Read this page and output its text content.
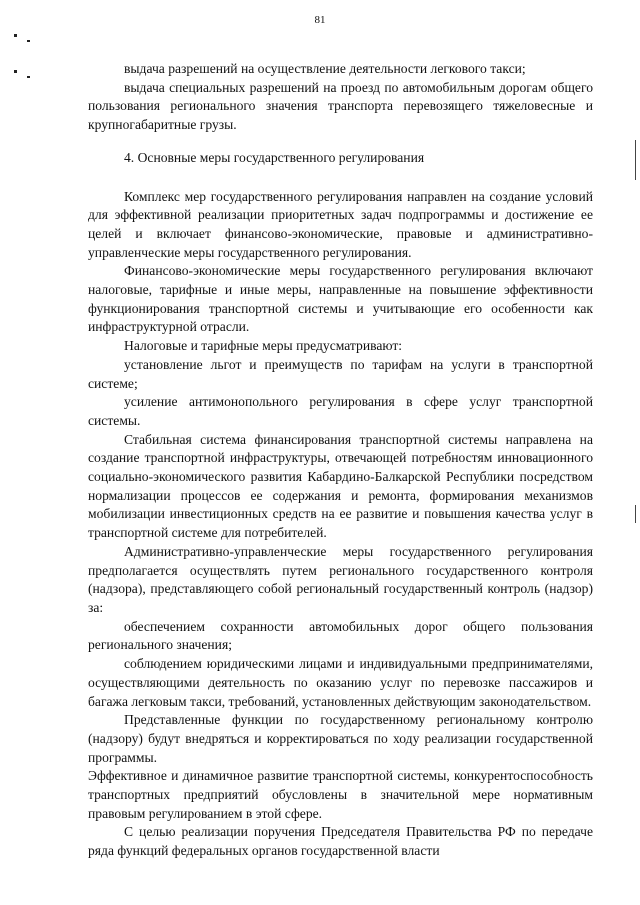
81

выдача разрешений на осуществление деятельности легкового такси;

выдача специальных разрешений на проезд по автомобильным дорогам общего пользования регионального значения транспорта перевозящего тяжеловесные и крупногабаритные грузы.

4. Основные меры государственного регулирования

Комплекс мер государственного регулирования направлен на создание условий для эффективной реализации приоритетных задач подпрограммы и достижение ее целей и включает финансово-экономические, правовые и административно-управленческие меры государственного регулирования.

Финансово-экономические меры государственного регулирования включают налоговые, тарифные и иные меры, направленные на повышение эффективности функционирования транспортной системы и учитывающие его особенности как инфраструктурной отрасли.

Налоговые и тарифные меры предусматривают:

установление льгот и преимуществ по тарифам на услуги в транспортной системе;

усиление антимонопольного регулирования в сфере услуг транспортной системы.

Стабильная система финансирования транспортной системы направлена на создание транспортной инфраструктуры, отвечающей потребностям инновационного социально-экономического развития Кабардино-Балкарской Республики посредством нормализации процессов ее содержания и ремонта, формирования механизмов мобилизации инвестиционных средств на ее развитие и повышения качества услуг в транспортной системе для потребителей.

Административно-управленческие меры государственного регулирования предполагается осуществлять путем регионального государственного контроля (надзора), представляющего собой региональный государственный контроль (надзор) за:

обеспечением сохранности автомобильных дорог общего пользования регионального значения;

соблюдением юридическими лицами и индивидуальными предпринимателями, осуществляющими деятельность по оказанию услуг по перевозке пассажиров и багажа легковым такси, требований, установленных действующим законодательством.

Представленные функции по государственному региональному контролю (надзору) будут внедряться и корректироваться по ходу реализации государственной программы.

Эффективное и динамичное развитие транспортной системы, конкурентоспособность транспортных предприятий обусловлены в значительной мере нормативным правовым регулированием в этой сфере.

С целью реализации поручения Председателя Правительства РФ по передаче ряда функций федеральных органов государственной власти
